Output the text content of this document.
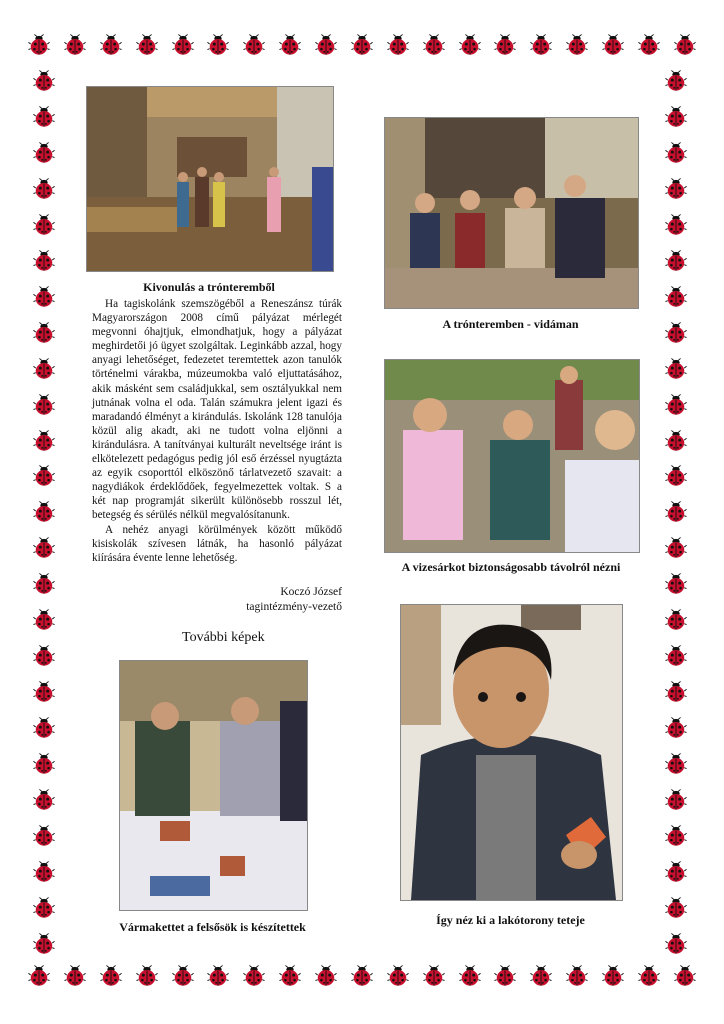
Kivonulás a trónteremből
A trónteremben - vidáman

Ha tagiskolánk szemszögéből a Reneszánsz túrák Magyarországon 2008 című pályázat mérlegét megvonni óhajtjuk, elmondhatjuk, hogy a pályázat meghirdetői jó ügyet szolgáltak. Leginkább azzal, hogy anyagi lehetőséget, fedezetet teremtettek azon tanulók történelmi várakba, múzeumokba való eljuttatásához, akik másként sem családjukkal, sem osztályukkal nem jutnának volna el oda. Talán számukra jelent igazi és maradandó élményt a kirándulás. Iskolánk 128 tanulója közül alig akadt, aki ne tudott volna eljönni a kirándulásra. A tanítványai kulturált neveltsége iránt is elkötelezett pedagógus pedig jól eső érzéssel nyugtázta az egyik csoporttól elköszönő tárlatvezető szavait: a nagydiákok érdeklődőek, fegyelmezettek voltak. S a két nap programját sikerült különösebb rosszul lét, betegség és sérülés nélkül megvalósítanunk.

A nehéz anyagi körülmények között működő kisiskolák szívesen látnák, ha hasonló pályázat kiírására évente lenne lehetőség.

Koczó József
tagintézmény-vezető
A vizesárkot biztonságosabb távolról nézni
További képek
Vármakettet a felsősök is készítettek	Így néz ki a lakótorony teteje
